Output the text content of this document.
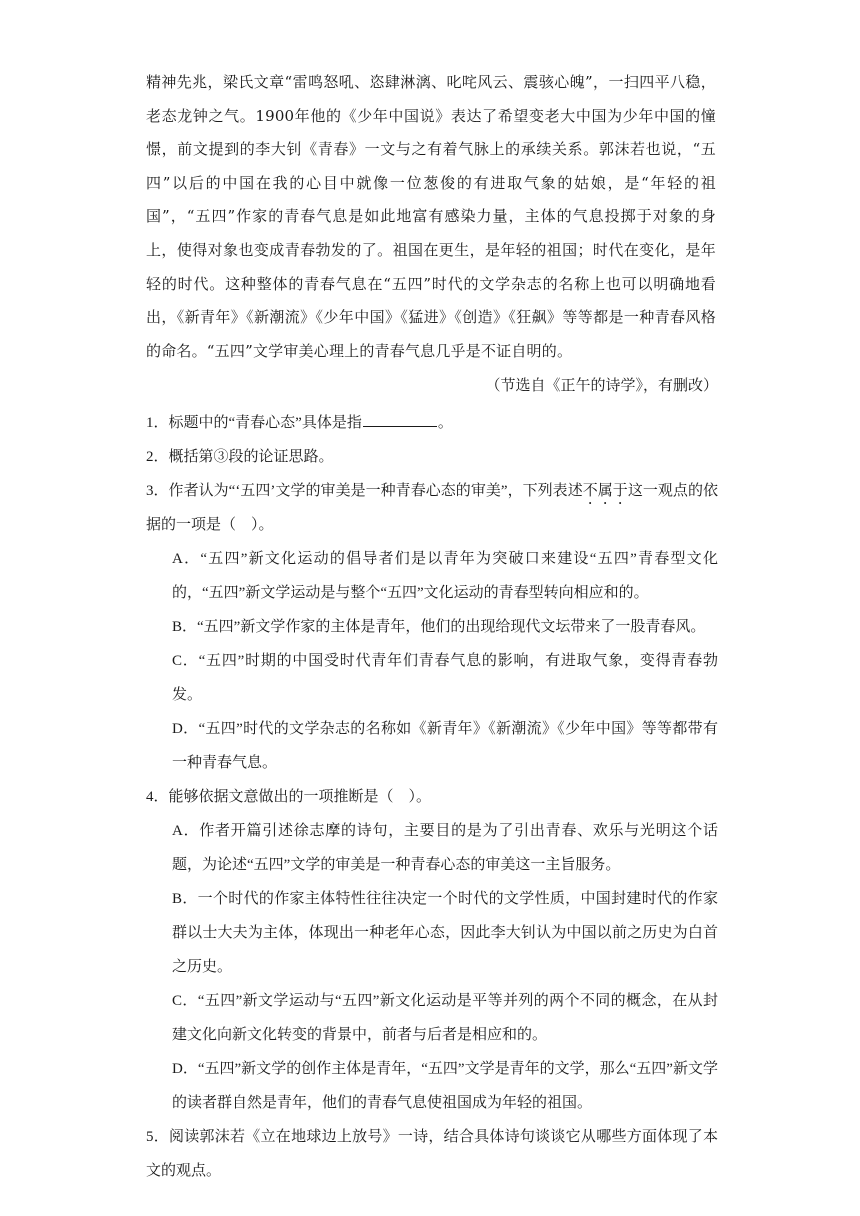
精神先兆，梁氏文章“雷鸣怒吼、恣肆淋漓、叱咤风云、震骇心魄”，一扫四平八稳，老态龙钟之气。1900年他的《少年中国说》表达了希望变老大中国为少年中国的憧憬，前文提到的李大钊《青春》一文与之有着气脉上的承续关系。郭沫若也说，“五四”以后的中国在我的心目中就像一位葱俊的有进取气象的姑娘，是“年轻的祖国”，“五四”作家的青春气息是如此地富有感染力量，主体的气息投掷于对象的身上，使得对象也变成青春勃发的了。祖国在更生，是年轻的祖国；时代在变化，是年轻的时代。这种整体的青春气息在“五四”时代的文学杂志的名称上也可以明确地看出，《新青年》《新潮流》《少年中国》《猛进》《创造》《狂飙》等等都是一种青春风格的命名。“五四”文学审美心理上的青春气息几乎是不证自明的。
（节选自《正午的诗学》，有删改）
1．标题中的“青春心态”具体是指	。
2．概括第③段的论证思路。
3．作者认为“‘五四’文学的审美是一种青春心态的审美”，下列表述不属于这一观点的依据的一项是（　）。
A．“五四”新文化运动的倡导者们是以青年为突破口来建设“五四”青春型文化的，“五四”新文学运动是与整个“五四”文化运动的青春型转向相应和的。
B．“五四”新文学作家的主体是青年，他们的出现给现代文坛带来了一股青春风。
C．“五四”时期的中国受时代青年们青春气息的影响，有进取气象，变得青春勃发。
D．“五四”时代的文学杂志的名称如《新青年》《新潮流》《少年中国》等等都带有一种青春气息。
4．能够依据文意做出的一项推断是（　）。
A．作者开篇引述徐志摩的诗句，主要目的是为了引出青春、欢乐与光明这个话题，为论述“五四”文学的审美是一种青春心态的审美这一主旨服务。
B．一个时代的作家主体特性往往决定一个时代的文学性质，中国封建时代的作家群以士大夫为主体，体现出一种老年心态，因此李大钊认为中国以前之历史为白首之历史。
C．“五四”新文学运动与“五四”新文化运动是平等并列的两个不同的概念，在从封建文化向新文化转变的背景中，前者与后者是相应和的。
D．“五四”新文学的创作主体是青年，“五四”文学是青年的文学，那么“五四”新文学的读者群自然是青年，他们的青春气息使祖国成为年轻的祖国。
5．阅读郭沫若《立在地球边上放号》一诗，结合具体诗句谈谈它从哪些方面体现了本文的观点。
